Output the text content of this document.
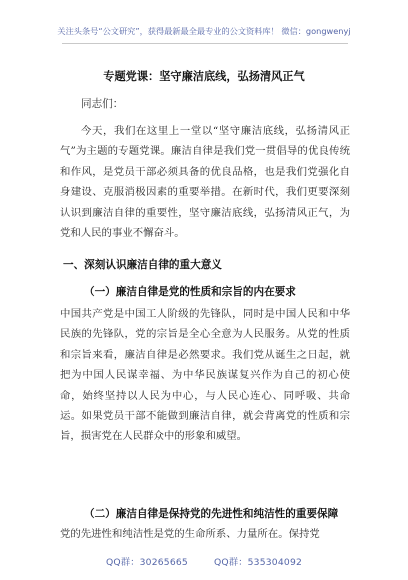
关注头条号“公文研究”，获得最新最全最专业的公文资料库！ 微信：gongwenyj
专题党课：坚守廉洁底线，弘扬清风正气
同志们：
今天，我们在这里上一堂以“坚守廉洁底线，弘扬清风正气”为主题的专题党课。廉洁自律是我们党一贯倡导的优良传统和作风，是党员干部必须具备的优良品格，也是我们党强化自身建设、克服消极因素的重要举措。在新时代，我们更要深刻认识到廉洁自律的重要性，坚守廉洁底线，弘扬清风正气，为党和人民的事业不懈奋斗。
一、深刻认识廉洁自律的重大意义
（一）廉洁自律是党的性质和宗旨的内在要求
中国共产党是中国工人阶级的先锋队，同时是中国人民和中华民族的先锋队，党的宗旨是全心全意为人民服务。从党的性质和宗旨来看，廉洁自律是必然要求。我们党从诞生之日起，就把为中国人民谋幸福、为中华民族谋复兴作为自己的初心使命，始终坚持以人民为中心，与人民心连心、同呼吸、共命运。如果党员干部不能做到廉洁自律，就会背离党的性质和宗旨，损害党在人民群众中的形象和威望。
（二）廉洁自律是保持党的先进性和纯洁性的重要保障
党的先进性和纯洁性是党的生命所系、力量所在。保持党
QQ群：30265665	QQ群：535304092
